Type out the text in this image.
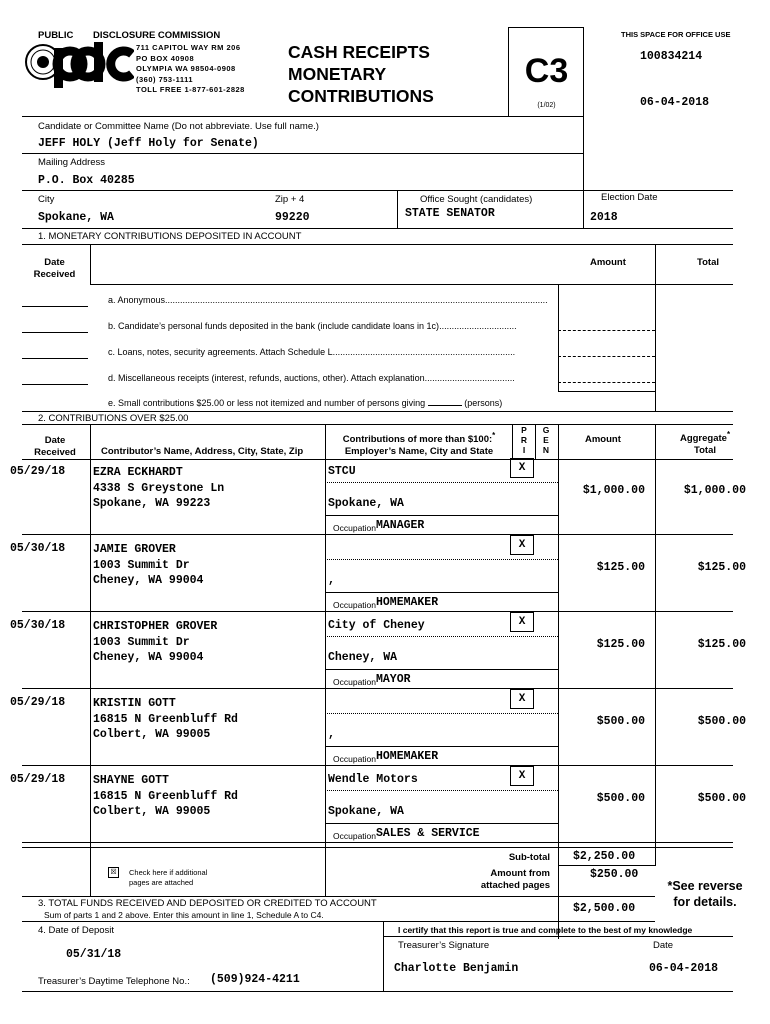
PUBLIC DISCLOSURE COMMISSION
711 CAPITOL WAY RM 206
PO BOX 40908
OLYMPIA WA 98504-0908
(360) 753-1111
TOLL FREE 1-877-601-2828
CASH RECEIPTS
MONETARY
CONTRIBUTIONS
C3
(1/02)
THIS SPACE FOR OFFICE USE
100834214
06-04-2018
Candidate or Committee Name (Do not abbreviate. Use full name.)
JEFF HOLY (Jeff Holy for Senate)
Mailing Address
P.O. Box 40285
City
Spokane, WA
Zip + 4
99220
Office Sought (candidates)
STATE SENATOR
Election Date
2018
1. MONETARY CONTRIBUTIONS DEPOSITED IN ACCOUNT
Date
Received
Amount	Total
a. Anonymous.........................................................................................................................................................
b. Candidate’s personal funds deposited in the bank (include candidate loans in 1c)...............................
c. Loans, notes, security agreements. Attach Schedule L.........................................................................
d. Miscellaneous receipts (interest, refunds, auctions, other). Attach explanation....................................
e. Small contributions $25.00 or less not itemized and number of persons giving	(persons)
2. CONTRIBUTIONS OVER $25.00
Date
Received	Contributor’s Name, Address, City, State, Zip
Contributions of more than $100:*
Employer’s Name, City and State
P
R
I
G
E
N
Amount	Aggregate*
Total
05/29/18 EZRA ECKHARDT
4338 S Greystone Ln
Spokane, WA 99223
STCU
Spokane, WA
OccupationMANAGER
X
$1,000.00	$1,000.00
05/30/18 JAMIE GROVER
1003 Summit Dr
Cheney, WA 99004	,
OccupationHOMEMAKER
X
$125.00	$125.00
05/30/18 CHRISTOPHER GROVER
1003 Summit Dr
Cheney, WA 99004
City of Cheney
Cheney, WA
OccupationMAYOR
X
$125.00	$125.00
05/29/18 KRISTIN GOTT
16815 N Greenbluff Rd
Colbert, WA 99005	,
OccupationHOMEMAKER
X
$500.00	$500.00
05/29/18 SHAYNE GOTT
16815 N Greenbluff Rd
Colbert, WA 99005
Wendle Motors
Spokane, WA
OccupationSALES & SERVICE
X
$500.00	$500.00
☒	Check here if additional
pages are attached
Sub-total $2,250.00
Amount from
attached pages
$250.00
*See reverse
for details.
3. TOTAL FUNDS RECEIVED AND DEPOSITED OR CREDITED TO ACCOUNT
Sum of parts 1 and 2 above. Enter this amount in line 1, Schedule A to C4.	$2,500.00
4. Date of Deposit	I certify that this report is true and complete to the best of my knowledge
Treasurer’s Signature	Date
05/31/18
Charlotte Benjamin	06-04-2018
Treasurer’s Daytime Telephone No.: (509)924-4211
